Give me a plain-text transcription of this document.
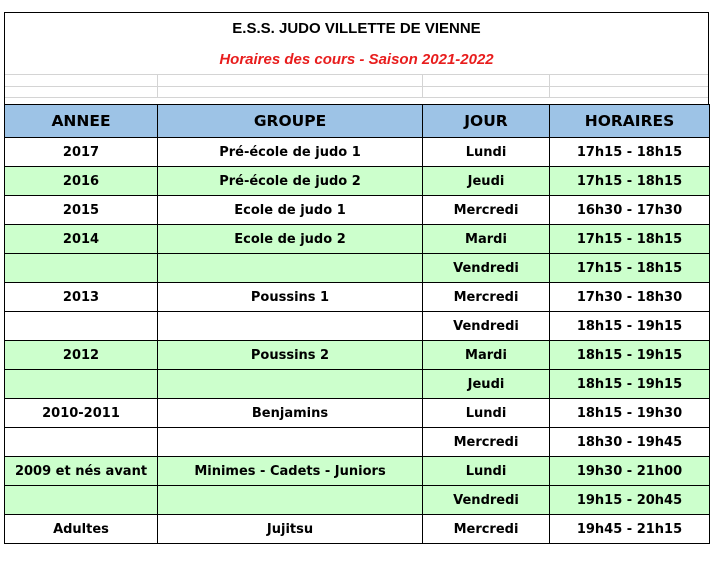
E.S.S. JUDO VILLETTE DE VIENNE
Horaires des cours - Saison 2021-2022
ANNEE	GROUPE	JOUR	HORAIRES
2017	Pré-école de judo 1	Lundi	17h15 - 18h15
2016	Pré-école de judo 2	Jeudi	17h15 - 18h15
2015	Ecole de judo 1	Mercredi	16h30 - 17h30
2014	Ecole de judo 2	Mardi	17h15 - 18h15
		Vendredi	17h15 - 18h15
2013	Poussins 1	Mercredi	17h30 - 18h30
		Vendredi	18h15 - 19h15
2012	Poussins 2	Mardi	18h15 - 19h15
		Jeudi	18h15 - 19h15
2010-2011	Benjamins	Lundi	18h15 - 19h30
		Mercredi	18h30 - 19h45
2009 et nés avant	Minimes - Cadets - Juniors	Lundi	19h30 - 21h00
		Vendredi	19h15 - 20h45
Adultes	Jujitsu	Mercredi	19h45 - 21h15
